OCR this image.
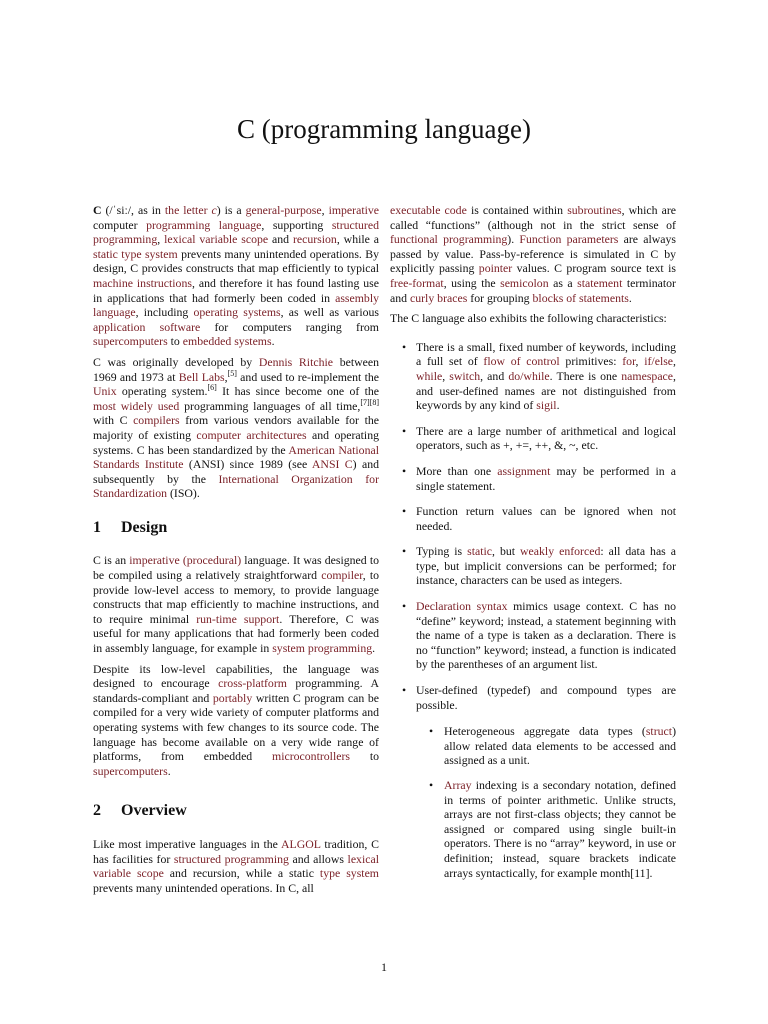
C (programming language)

C (/ˈsiː/, as in the letter c) is a general-purpose, imperative computer programming language, supporting structured programming, lexical variable scope and recursion, while a static type system prevents many unintended operations. By design, C provides constructs that map efficiently to typical machine instructions, and therefore it has found lasting use in applications that had formerly been coded in assembly language, including operating systems, as well as various application software for computers ranging from supercomputers to embedded systems.

C was originally developed by Dennis Ritchie between 1969 and 1973 at Bell Labs,[5] and used to re-implement the Unix operating system.[6] It has since become one of the most widely used programming languages of all time,[7][8] with C compilers from various vendors available for the majority of existing computer architectures and operating systems. C has been standardized by the American National Standards Institute (ANSI) since 1989 (see ANSI C) and subsequently by the International Organization for Standardization (ISO).

1	Design

C is an imperative (procedural) language. It was designed to be compiled using a relatively straightforward compiler, to provide low-level access to memory, to provide language constructs that map efficiently to machine instructions, and to require minimal run-time support. Therefore, C was useful for many applications that had formerly been coded in assembly language, for example in system programming.

Despite its low-level capabilities, the language was designed to encourage cross-platform programming. A standards-compliant and portably written C program can be compiled for a very wide variety of computer platforms and operating systems with few changes to its source code. The language has become available on a very wide range of platforms, from embedded microcontrollers to supercomputers.

2	Overview

Like most imperative languages in the ALGOL tradition, C has facilities for structured programming and allows lexical variable scope and recursion, while a static type system prevents many unintended operations. In C, all

executable code is contained within subroutines, which are called “functions” (although not in the strict sense of functional programming). Function parameters are always passed by value. Pass-by-reference is simulated in C by explicitly passing pointer values. C program source text is free-format, using the semicolon as a statement terminator and curly braces for grouping blocks of statements.

The C language also exhibits the following characteristics:

• There is a small, fixed number of keywords, including a full set of flow of control primitives: for, if/else, while, switch, and do/while. There is one namespace, and user-defined names are not distinguished from keywords by any kind of sigil.
• There are a large number of arithmetical and logical operators, such as +, +=, ++, &, ~, etc.
• More than one assignment may be performed in a single statement.
• Function return values can be ignored when not needed.
• Typing is static, but weakly enforced: all data has a type, but implicit conversions can be performed; for instance, characters can be used as integers.
• Declaration syntax mimics usage context. C has no “define” keyword; instead, a statement beginning with the name of a type is taken as a declaration. There is no “function” keyword; instead, a function is indicated by the parentheses of an argument list.
• User-defined (typedef) and compound types are possible.
• Heterogeneous aggregate data types (struct) allow related data elements to be accessed and assigned as a unit.
• Array indexing is a secondary notation, defined in terms of pointer arithmetic. Unlike structs, arrays are not first-class objects; they cannot be assigned or compared using single built-in operators. There is no “array” keyword, in use or definition; instead, square brackets indicate arrays syntactically, for example month[11].
1
